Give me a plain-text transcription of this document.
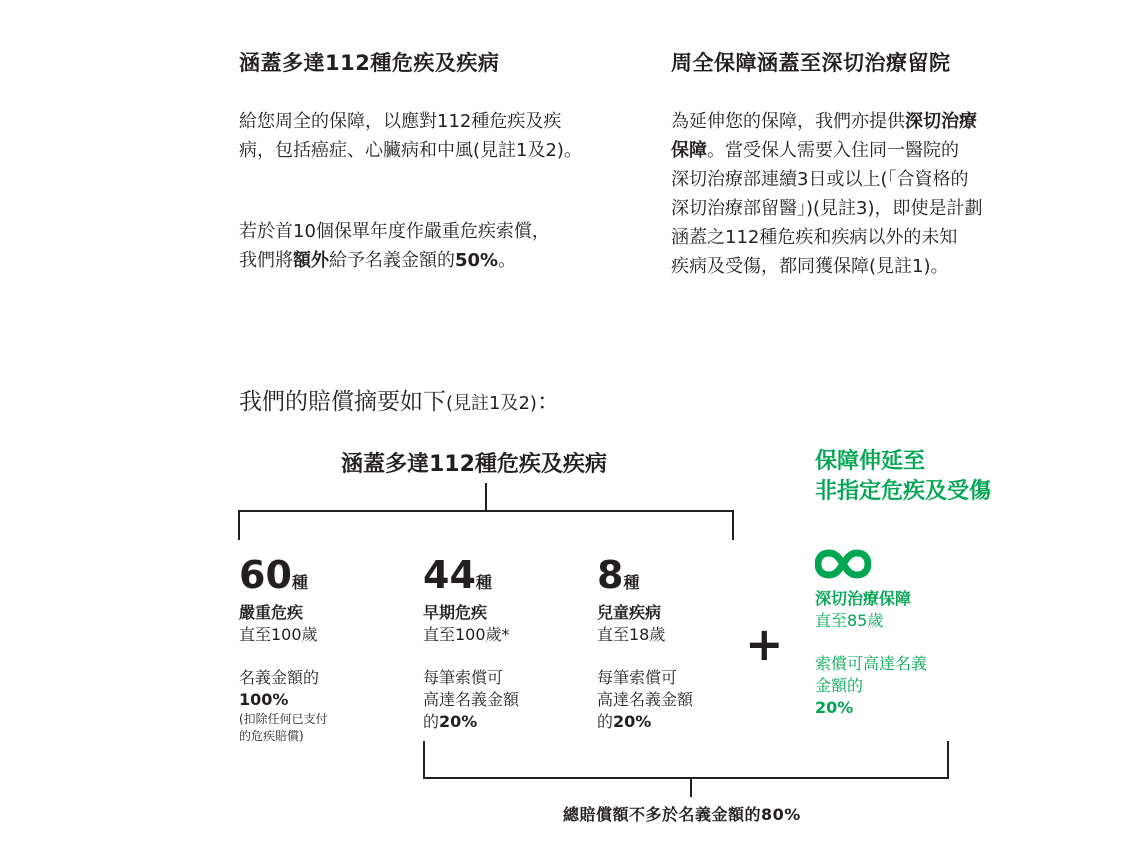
涵蓋多達112種危疾及疾病
給您周全的保障，以應對112種危疾及疾病，包括癌症、心臟病和中風(見註1及2)。
若於首10個保單年度作嚴重危疾索償，
我們將額外給予名義金額的50%。
周全保障涵蓋至深切治療留院
為延伸您的保障，我們亦提供深切治療
保障。當受保人需要入住同一醫院的
深切治療部連續3日或以上(「合資格的
深切治療部留醫」)(見註3)，即使是計劃
涵蓋之112種危疾和疾病以外的未知
疾病及受傷，都同獲保障(見註1)。
我們的賠償摘要如下(見註1及2)：
涵蓋多達112種危疾及疾病	保障伸延至
非指定危疾及受傷
60種
嚴重危疾
直至100歲
名義金額的
100%
(扣除任何已支付
的危疾賠償)
44種
早期危疾
直至100歲*
每筆索償可
高達名義金額
的20%
8種
兒童疾病
直至18歲
每筆索償可
高達名義金額
的20%
+
深切治療保障
直至85歲
索償可高達名義
金額的
20%
總賠償額不多於名義金額的80%
